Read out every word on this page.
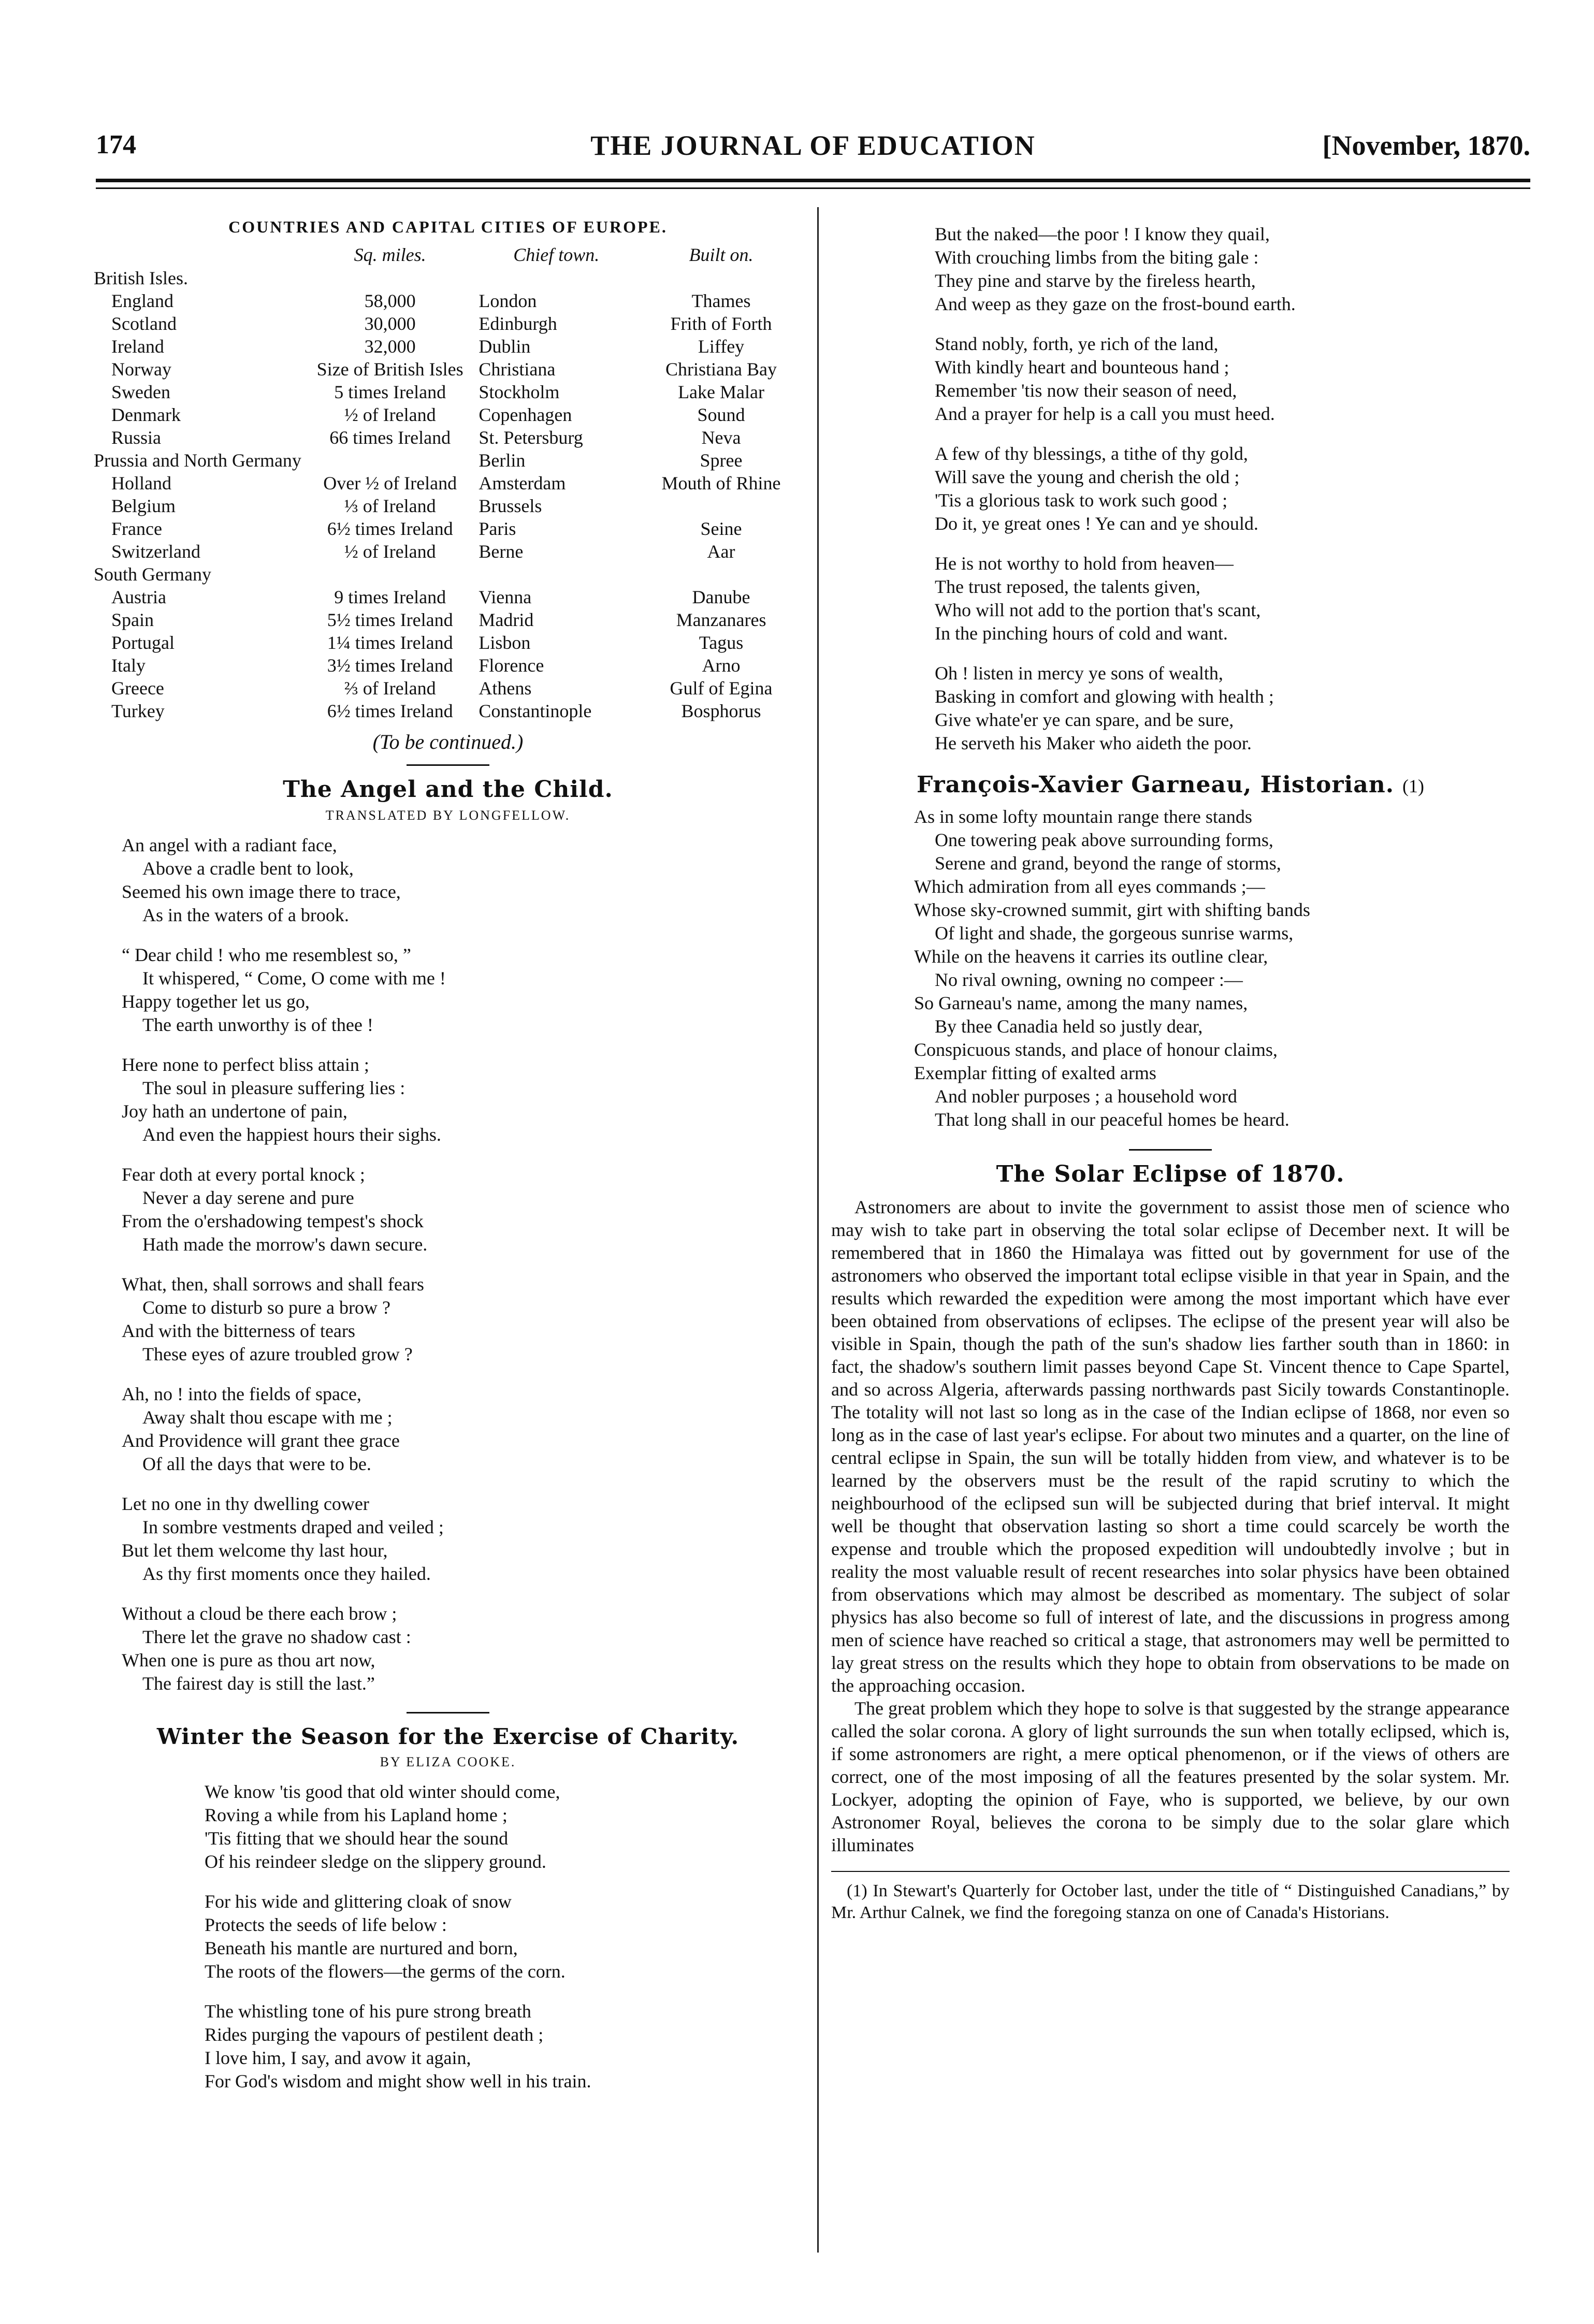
174	THE JOURNAL OF EDUCATION	[November, 1870.
COUNTRIES AND CAPITAL CITIES OF EUROPE.
	Sq. miles.	Chief town.	Built on.
British Isles.			
England	58,000	London	Thames
Scotland	30,000	Edinburgh	Frith of Forth
Ireland	32,000	Dublin	Liffey
Norway	Size of British Isles	Christiana	Christiana Bay
Sweden	5 times Ireland	Stockholm	Lake Malar
Denmark	½ of Ireland	Copenhagen	Sound
Russia	66 times Ireland	St. Petersburg	Neva
Prussia and North Germany		Berlin	Spree
Holland	Over ½ of Ireland	Amsterdam	Mouth of Rhine
Belgium	⅓ of Ireland	Brussels	
France	6½ times Ireland	Paris	Seine
Switzerland	½ of Ireland	Berne	Aar
South Germany			
Austria	9 times Ireland	Vienna	Danube
Spain	5½ times Ireland	Madrid	Manzanares
Portugal	1¼ times Ireland	Lisbon	Tagus
Italy	3½ times Ireland	Florence	Arno
Greece	⅔ of Ireland	Athens	Gulf of Egina
Turkey	6½ times Ireland	Constantinople	Bosphorus

(To be continued.)

The Angel and the Child.

TRANSLATED BY LONGFELLOW.

An angel with a radiant face,
Above a cradle bent to look,
Seemed his own image there to trace,
As in the waters of a brook.
“ Dear child ! who me resemblest so, ”
It whispered, “ Come, O come with me !
Happy together let us go,
The earth unworthy is of thee !
Here none to perfect bliss attain ;
The soul in pleasure suffering lies :
Joy hath an undertone of pain,
And even the happiest hours their sighs.
Fear doth at every portal knock ;
Never a day serene and pure
From the o'ershadowing tempest's shock
Hath made the morrow's dawn secure.
What, then, shall sorrows and shall fears
Come to disturb so pure a brow ?
And with the bitterness of tears
These eyes of azure troubled grow ?
Ah, no ! into the fields of space,
Away shalt thou escape with me ;
And Providence will grant thee grace
Of all the days that were to be.
Let no one in thy dwelling cower
In sombre vestments draped and veiled ;
But let them welcome thy last hour,
As thy first moments once they hailed.
Without a cloud be there each brow ;
There let the grave no shadow cast :
When one is pure as thou art now,
The fairest day is still the last.”
Winter the Season for the Exercise of Charity.

BY ELIZA COOKE.

We know 'tis good that old winter should come,
Roving a while from his Lapland home ;
'Tis fitting that we should hear the sound
Of his reindeer sledge on the slippery ground.
For his wide and glittering cloak of snow
Protects the seeds of life below :
Beneath his mantle are nurtured and born,
The roots of the flowers—the germs of the corn.
The whistling tone of his pure strong breath
Rides purging the vapours of pestilent death ;
I love him, I say, and avow it again,
For God's wisdom and might show well in his train.
But the naked—the poor ! I know they quail,
With crouching limbs from the biting gale :
They pine and starve by the fireless hearth,
And weep as they gaze on the frost-bound earth.
Stand nobly, forth, ye rich of the land,
With kindly heart and bounteous hand ;
Remember 'tis now their season of need,
And a prayer for help is a call you must heed.
A few of thy blessings, a tithe of thy gold,
Will save the young and cherish the old ;
'Tis a glorious task to work such good ;
Do it, ye great ones ! Ye can and ye should.
He is not worthy to hold from heaven—
The trust reposed, the talents given,
Who will not add to the portion that's scant,
In the pinching hours of cold and want.
Oh ! listen in mercy ye sons of wealth,
Basking in comfort and glowing with health ;
Give whate'er ye can spare, and be sure,
He serveth his Maker who aideth the poor.
François-Xavier Garneau, Historian. (1)
As in some lofty mountain range there stands
One towering peak above surrounding forms,
Serene and grand, beyond the range of storms,
Which admiration from all eyes commands ;—
Whose sky-crowned summit, girt with shifting bands
Of light and shade, the gorgeous sunrise warms,
While on the heavens it carries its outline clear,
No rival owning, owning no compeer :—
So Garneau's name, among the many names,
By thee Canadia held so justly dear,
Conspicuous stands, and place of honour claims,
Exemplar fitting of exalted arms
And nobler purposes ; a household word
That long shall in our peaceful homes be heard.
The Solar Eclipse of 1870.

Astronomers are about to invite the government to assist those men of science who may wish to take part in observing the total solar eclipse of December next. It will be remembered that in 1860 the Himalaya was fitted out by government for use of the astronomers who observed the important total eclipse visible in that year in Spain, and the results which rewarded the expedition were among the most important which have ever been obtained from observations of eclipses. The eclipse of the present year will also be visible in Spain, though the path of the sun's shadow lies farther south than in 1860: in fact, the shadow's southern limit passes beyond Cape St. Vincent thence to Cape Spartel, and so across Algeria, afterwards passing northwards past Sicily towards Constantinople. The totality will not last so long as in the case of the Indian eclipse of 1868, nor even so long as in the case of last year's eclipse. For about two minutes and a quarter, on the line of central eclipse in Spain, the sun will be totally hidden from view, and whatever is to be learned by the observers must be the result of the rapid scrutiny to which the neighbourhood of the eclipsed sun will be subjected during that brief interval. It might well be thought that observation lasting so short a time could scarcely be worth the expense and trouble which the proposed expedition will undoubtedly involve ; but in reality the most valuable result of recent researches into solar physics have been obtained from observations which may almost be described as momentary. The subject of solar physics has also become so full of interest of late, and the discussions in progress among men of science have reached so critical a stage, that astronomers may well be permitted to lay great stress on the results which they hope to obtain from observations to be made on the approaching occasion.

The great problem which they hope to solve is that suggested by the strange appearance called the solar corona. A glory of light surrounds the sun when totally eclipsed, which is, if some astronomers are right, a mere optical phenomenon, or if the views of others are correct, one of the most imposing of all the features presented by the solar system. Mr. Lockyer, adopting the opinion of Faye, who is supported, we believe, by our own Astronomer Royal, believes the corona to be simply due to the solar glare which illuminates

(1) In Stewart's Quarterly for October last, under the title of “ Distinguished Canadians,” by Mr. Arthur Calnek, we find the foregoing stanza on one of Canada's Historians.
